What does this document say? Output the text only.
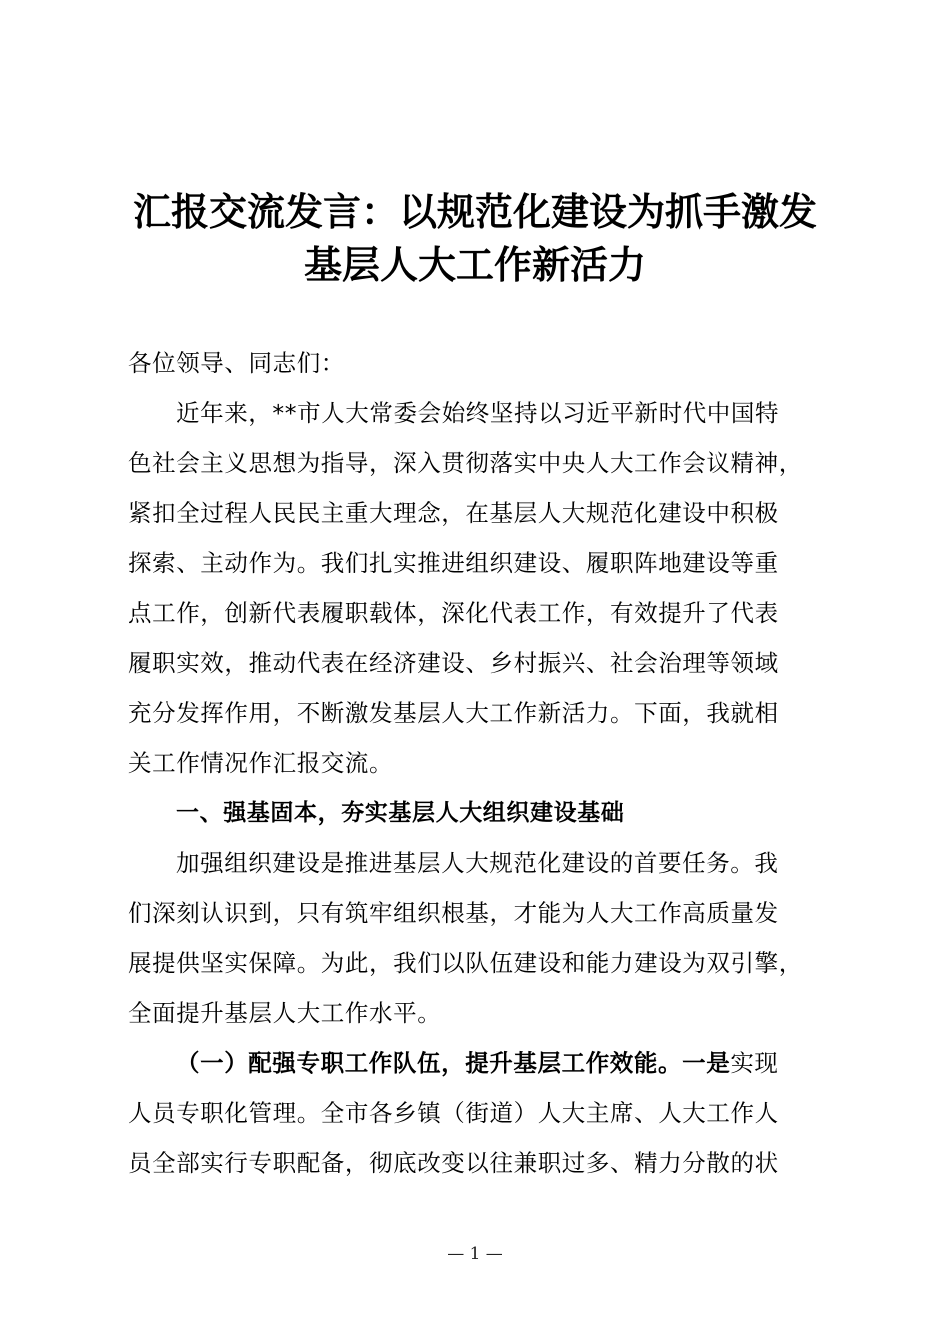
汇报交流发言：以规范化建设为抓手激发
基层人大工作新活力
各位领导、同志们：
近年来，**市人大常委会始终坚持以习近平新时代中国特
色社会主义思想为指导，深入贯彻落实中央人大工作会议精神，
紧扣全过程人民民主重大理念，在基层人大规范化建设中积极
探索、主动作为。我们扎实推进组织建设、履职阵地建设等重
点工作，创新代表履职载体，深化代表工作，有效提升了代表
履职实效，推动代表在经济建设、乡村振兴、社会治理等领域
充分发挥作用，不断激发基层人大工作新活力。下面，我就相
关工作情况作汇报交流。
一、强基固本，夯实基层人大组织建设基础
加强组织建设是推进基层人大规范化建设的首要任务。我
们深刻认识到，只有筑牢组织根基，才能为人大工作高质量发
展提供坚实保障。为此，我们以队伍建设和能力建设为双引擎，
全面提升基层人大工作水平。
（一）配强专职工作队伍，提升基层工作效能。一是实现
人员专职化管理。全市各乡镇（街道）人大主席、人大工作人
员全部实行专职配备，彻底改变以往兼职过多、精力分散的状
— 1 —
